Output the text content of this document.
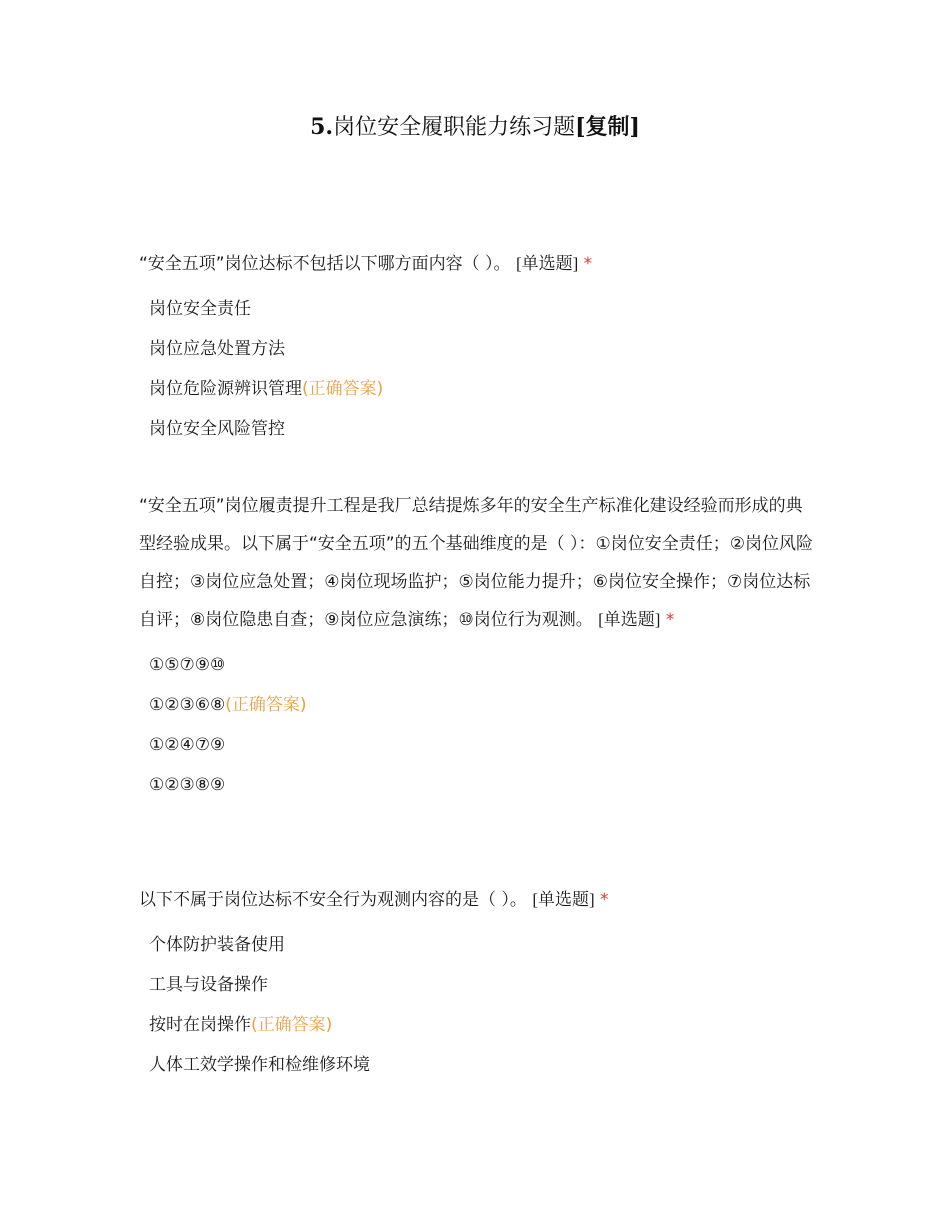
5.岗位安全履职能力练习题[复制]

“安全五项”岗位达标不包括以下哪方面内容（ ）。 [单选题] *

岗位安全责任
岗位应急处置方法
岗位危险源辨识管理(正确答案)
岗位安全风险管控

“安全五项”岗位履责提升工程是我厂总结提炼多年的安全生产标准化建设经验而形成的典型经验成果。以下属于“安全五项”的五个基础维度的是（ ）：①岗位安全责任；②岗位风险自控；③岗位应急处置；④岗位现场监护；⑤岗位能力提升；⑥岗位安全操作；⑦岗位达标自评；⑧岗位隐患自查；⑨岗位应急演练；⑩岗位行为观测。 [单选题] *

①⑤⑦⑨⑩
①②③⑥⑧(正确答案)
①②④⑦⑨
①②③⑧⑨

以下不属于岗位达标不安全行为观测内容的是（ ）。 [单选题] *

个体防护装备使用
工具与设备操作
按时在岗操作(正确答案)
人体工效学操作和检维修环境
